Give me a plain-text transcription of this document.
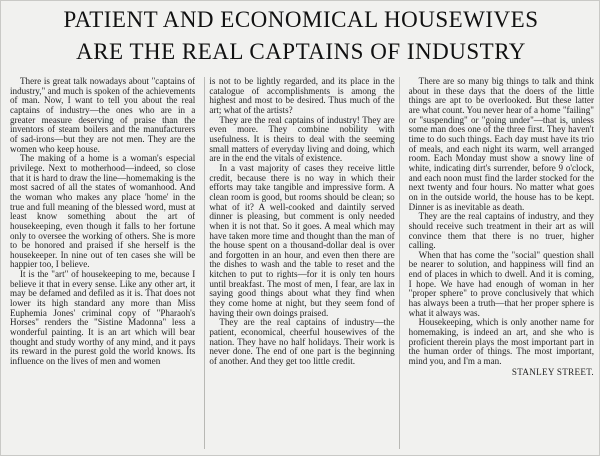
PATIENT AND ECONOMICAL HOUSEWIVES
ARE THE REAL CAPTAINS OF INDUSTRY

There is great talk nowadays about "captains of industry," and much is spoken of the achievements of man. Now, I want to tell you about the real captains of industry—the ones who are in a greater measure deserving of praise than the inventors of steam boilers and the manufacturers of sad-irons—but they are not men. They are the women who keep house.

The making of a home is a woman's especial privilege. Next to motherhood—indeed, so close that it is hard to draw the line—homemaking is the most sacred of all the states of womanhood. And the woman who makes any place 'home' in the true and full meaning of the blessed word, must at least know something about the art of housekeeping, even though it falls to her fortune only to oversee the working of others. She is more to be honored and praised if she herself is the housekeeper. In nine out of ten cases she will be happier too, I believe.

It is the "art" of housekeeping to me, because I believe it that in every sense. Like any other art, it may be defamed and defiled as it is. That does not lower its high standard any more than Miss Euphemia Jones' criminal copy of "Pharaoh's Horses" renders the "Sistine Madonna" less a wonderful painting. It is an art which will bear thought and study worthy of any mind, and it pays its reward in the purest gold the world knows. Its influence on the lives of men and women

is not to be lightly regarded, and its place in the catalogue of accomplishments is among the highest and most to be desired. Thus much of the art; what of the artists?

They are the real captains of industry! They are even more. They combine nobility with usefulness. It is theirs to deal with the seeming small matters of everyday living and doing, which are in the end the vitals of existence.

In a vast majority of cases they receive little credit, because there is no way in which their efforts may take tangible and impressive form. A clean room is good, but rooms should be clean; so what of it? A well-cooked and daintily served dinner is pleasing, but comment is only needed when it is not that. So it goes. A meal which may have taken more time and thought than the man of the house spent on a thousand-dollar deal is over and forgotten in an hour, and even then there are the dishes to wash and the table to reset and the kitchen to put to rights—for it is only ten hours until breakfast. The most of men, I fear, are lax in saying good things about what they find when they come home at night, but they seem fond of having their own doings praised.

They are the real captains of industry—the patient, economical, cheerful housewives of the nation. They have no half holidays. Their work is never done. The end of one part is the beginning of another. And they get too little credit.

There are so many big things to talk and think about in these days that the doers of the little things are apt to be overlooked. But these latter are what count. You never hear of a home "failing" or "suspending" or "going under"—that is, unless some man does one of the three first. They haven't time to do such things. Each day must have its trio of meals, and each night its warm, well arranged room. Each Monday must show a snowy line of white, indicating dirt's surrender, before 9 o'clock, and each noon must find the larder stocked for the next twenty and four hours. No matter what goes on in the outside world, the house has to be kept. Dinner is as inevitable as death.

They are the real captains of industry, and they should receive such treatment in their art as will convince them that there is no truer, higher calling.

When that has come the "social" question shall be nearer to solution, and happiness will find an end of places in which to dwell. And it is coming, I hope. We have had enough of woman in her "proper sphere" to prove conclusively that which has always been a truth—that her proper sphere is what it always was.

Housekeeping, which is only another name for homemaking, is indeed an art, and she who is proficient therein plays the most important part in the human order of things. The most important, mind you, and I'm a man.

STANLEY STREET.
